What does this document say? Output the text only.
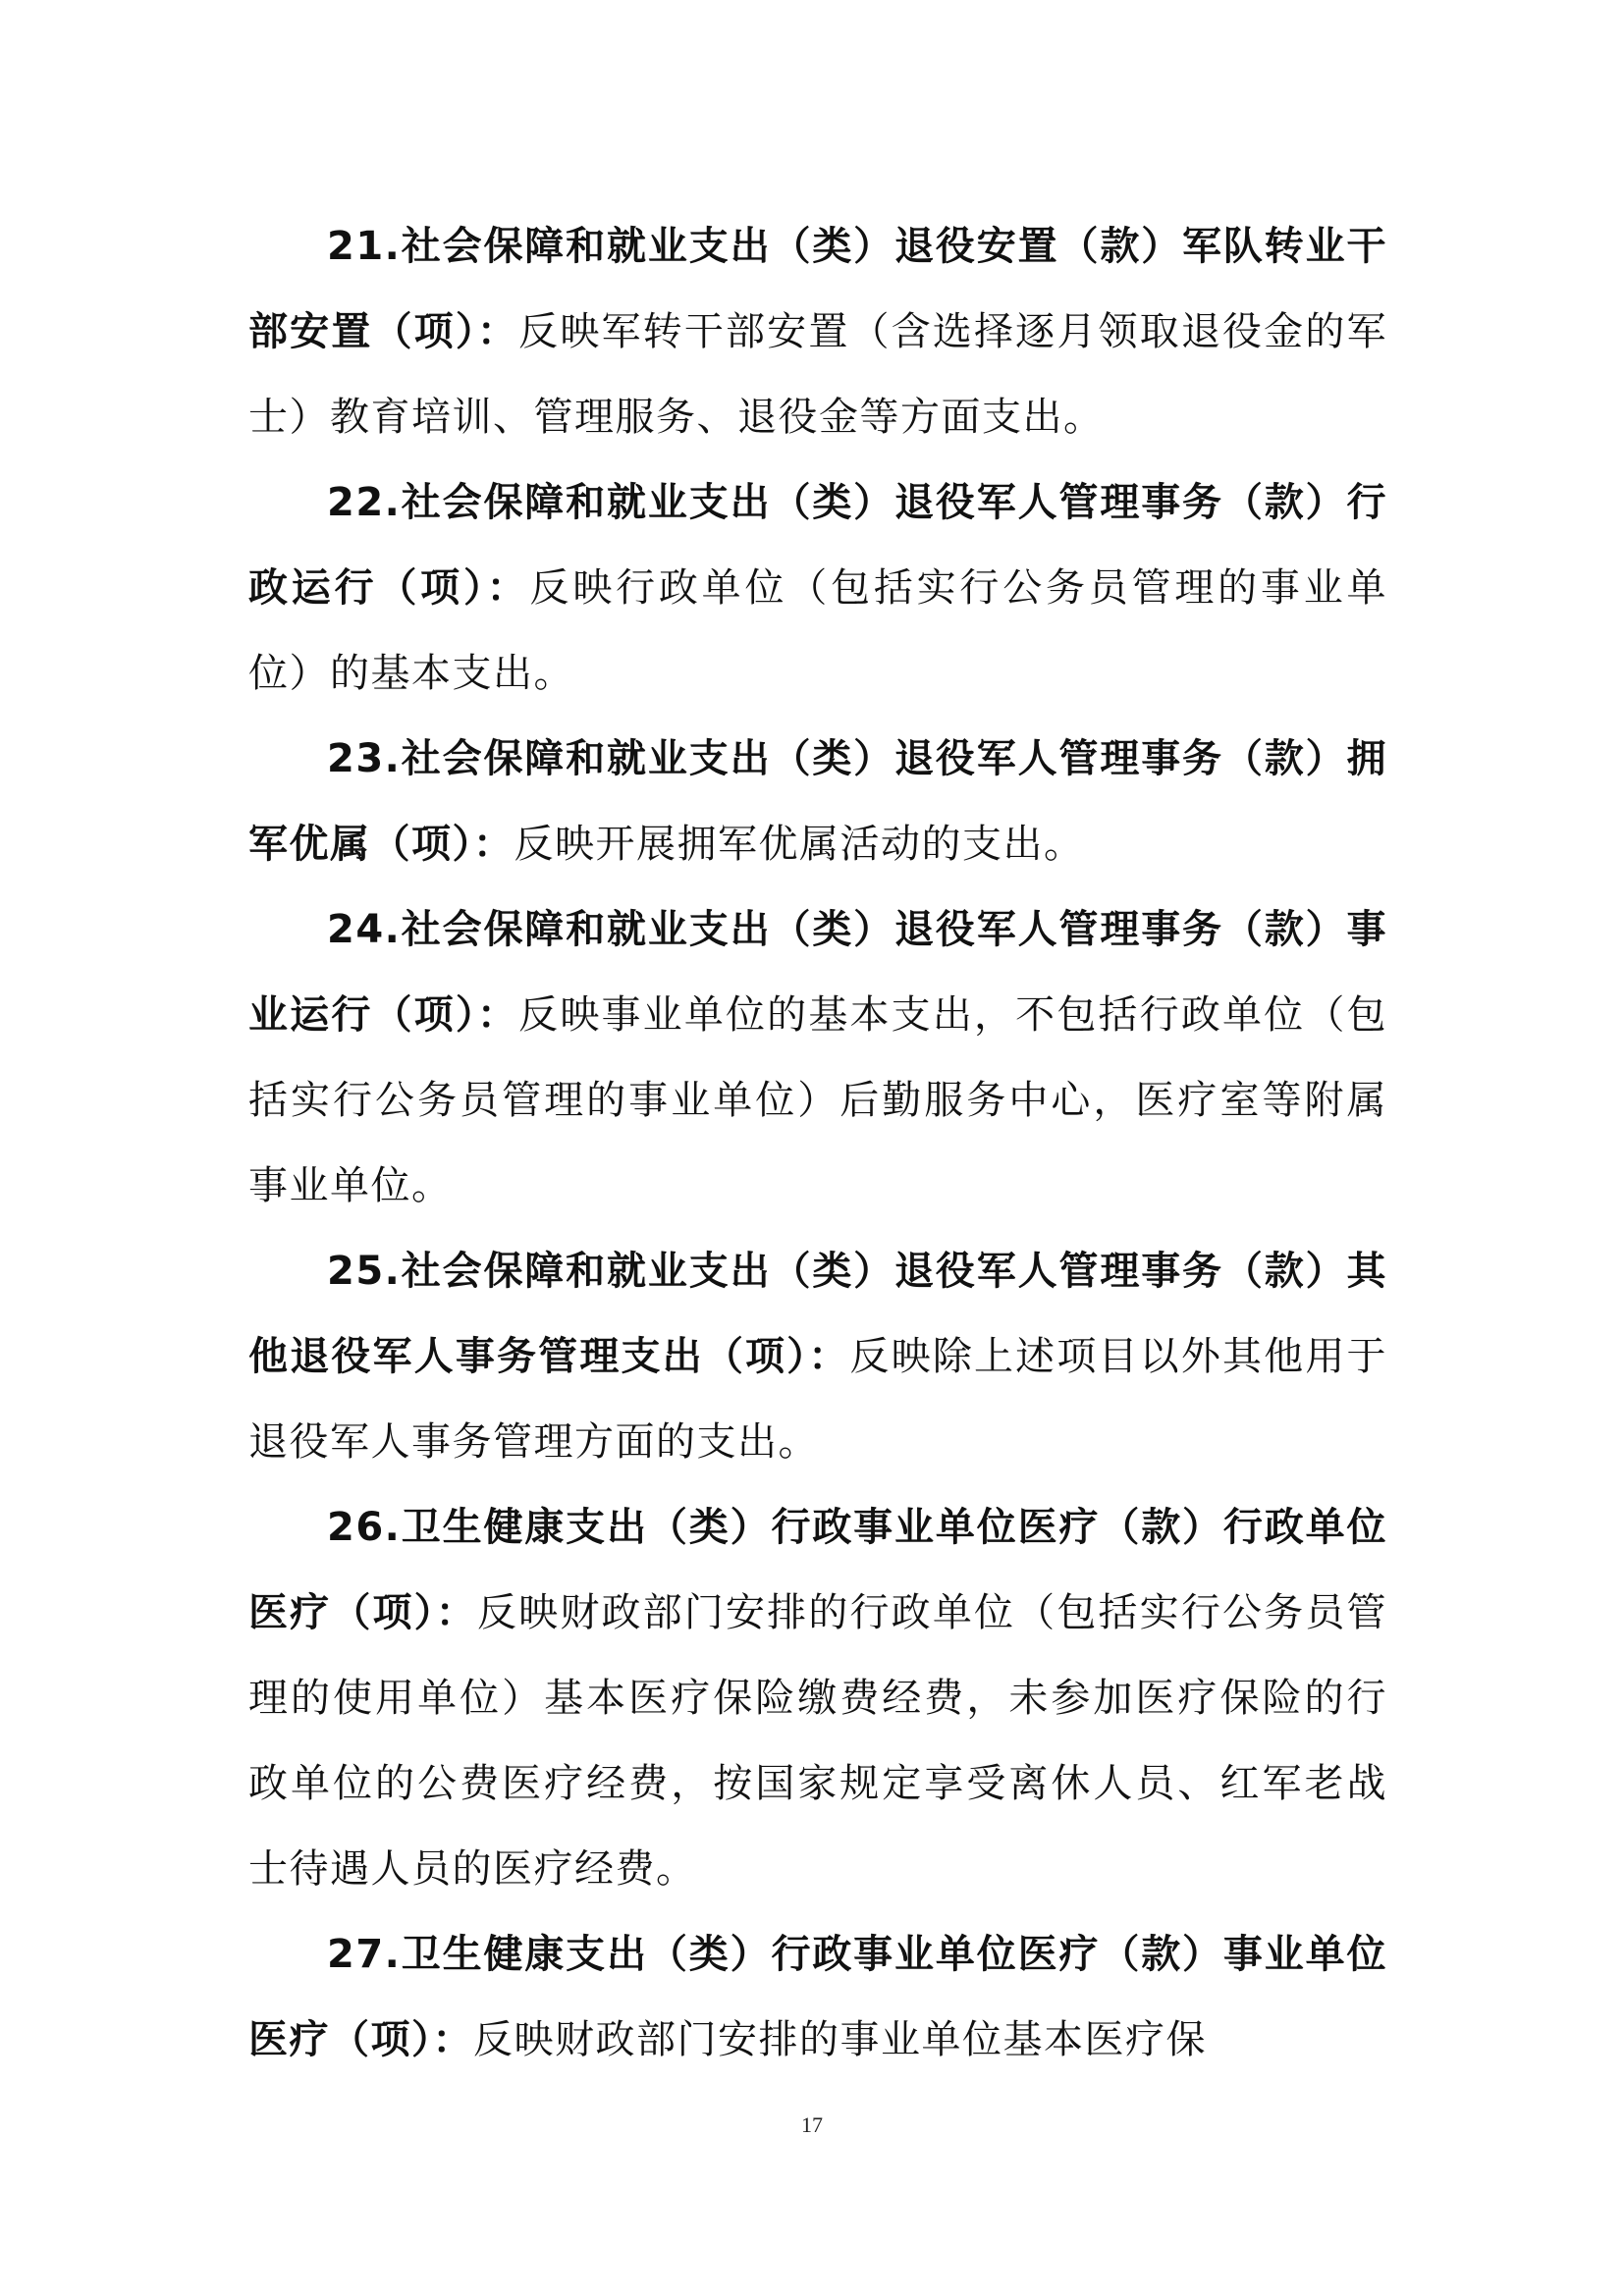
21.社会保障和就业支出（类）退役安置（款）军队转业干部安置（项）：反映军转干部安置（含选择逐月领取退役金的军士）教育培训、管理服务、退役金等方面支出。

22.社会保障和就业支出（类）退役军人管理事务（款）行政运行（项）：反映行政单位（包括实行公务员管理的事业单位）的基本支出。

23.社会保障和就业支出（类）退役军人管理事务（款）拥军优属（项）：反映开展拥军优属活动的支出。

24.社会保障和就业支出（类）退役军人管理事务（款）事业运行（项）：反映事业单位的基本支出，不包括行政单位（包括实行公务员管理的事业单位）后勤服务中心，医疗室等附属事业单位。

25.社会保障和就业支出（类）退役军人管理事务（款）其他退役军人事务管理支出（项）：反映除上述项目以外其他用于退役军人事务管理方面的支出。

26.卫生健康支出（类）行政事业单位医疗（款）行政单位医疗（项）：反映财政部门安排的行政单位（包括实行公务员管理的使用单位）基本医疗保险缴费经费，未参加医疗保险的行政单位的公费医疗经费，按国家规定享受离休人员、红军老战士待遇人员的医疗经费。

27.卫生健康支出（类）行政事业单位医疗（款）事业单位医疗（项）：反映财政部门安排的事业单位基本医疗保

17
